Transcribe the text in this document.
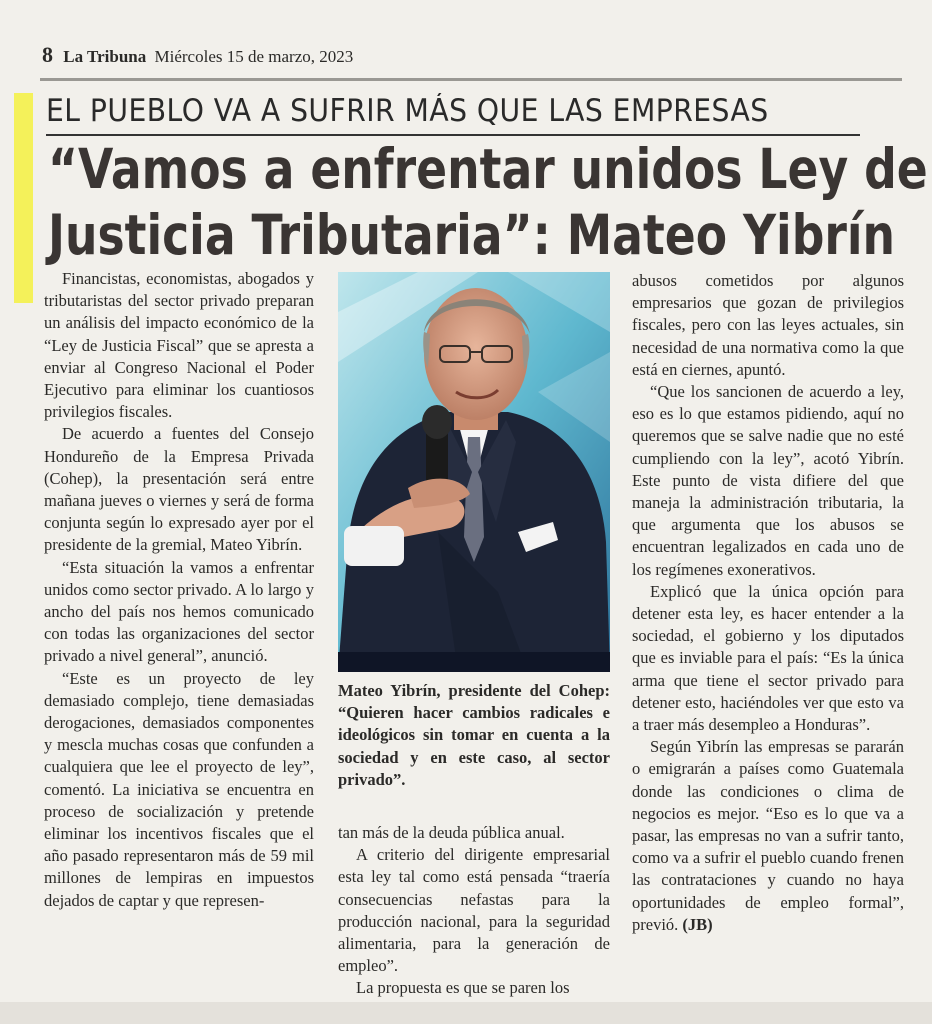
8 La Tribuna Miércoles 15 de marzo, 2023
EL PUEBLO VA A SUFRIR MÁS QUE LAS EMPRESAS
“Vamos a enfrentar unidos Ley de
Justicia Tributaria”: Mateo Yibrín

Financistas, economistas, abogados y tributaristas del sector privado preparan un análisis del impacto económico de la “Ley de Justicia Fiscal” que se apresta a enviar al Congreso Nacional el Poder Ejecutivo para eliminar los cuantiosos privilegios fiscales.

De acuerdo a fuentes del Consejo Hondureño de la Empresa Privada (Cohep), la presentación será entre mañana jueves o viernes y será de forma conjunta según lo expresado ayer por el presidente de la gremial, Mateo Yibrín.

“Esta situación la vamos a enfrentar unidos como sector privado. A lo largo y ancho del país nos hemos comunicado con todas las organizaciones del sector privado a nivel general”, anunció.

“Este es un proyecto de ley demasiado complejo, tiene demasiadas derogaciones, demasiados componentes y mescla muchas cosas que confunden a cualquiera que lee el proyecto de ley”, comentó. La iniciativa se encuentra en proceso de socialización y pretende eliminar los incentivos fiscales que el año pasado representaron más de 59 mil millones de lempiras en impuestos dejados de captar y que represen-

Mateo Yibrín, presidente del Cohep: “Quieren hacer cambios radicales e ideológicos sin tomar en cuenta a la sociedad y en este caso, al sector privado”.

tan más de la deuda pública anual.

A criterio del dirigente empresarial esta ley tal como está pensada “traería consecuencias nefastas para la producción nacional, para la seguridad alimentaria, para la generación de empleo”.

La propuesta es que se paren los

abusos cometidos por algunos empresarios que gozan de privilegios fiscales, pero con las leyes actuales, sin necesidad de una normativa como la que está en ciernes, apuntó.

“Que los sancionen de acuerdo a ley, eso es lo que estamos pidiendo, aquí no queremos que se salve nadie que no esté cumpliendo con la ley”, acotó Yibrín. Este punto de vista difiere del que maneja la administración tributaria, la que argumenta que los abusos se encuentran legalizados en cada uno de los regímenes exonerativos.

Explicó que la única opción para detener esta ley, es hacer entender a la sociedad, el gobierno y los diputados que es inviable para el país: “Es la única arma que tiene el sector privado para detener esto, haciéndoles ver que esto va a traer más desempleo a Honduras”.

Según Yibrín las empresas se pararán o emigrarán a países como Guatemala donde las condiciones o clima de negocios es mejor. “Eso es lo que va a pasar, las empresas no van a sufrir tanto, como va a sufrir el pueblo cuando frenen las contrataciones y cuando no haya oportunidades de empleo formal”, previó. (JB)
